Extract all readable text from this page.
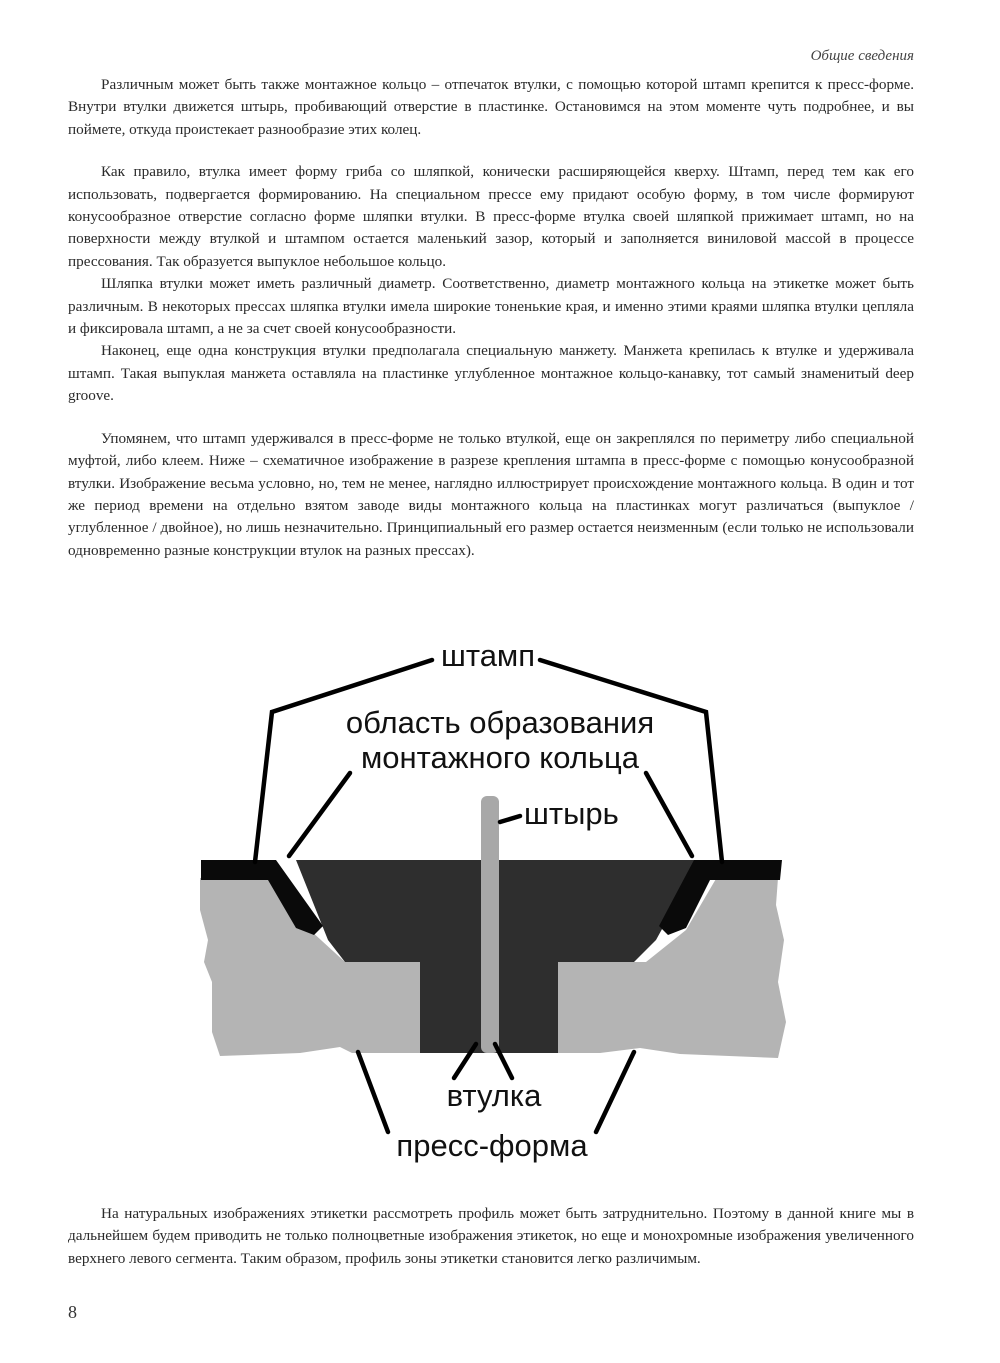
Общие сведения

Различным может быть также монтажное кольцо – отпечаток втулки, с помощью которой штамп крепится к пресс-форме. Внутри втулки движется штырь, пробивающий отверстие в пластинке. Остановимся на этом моменте чуть подробнее, и вы поймете, откуда проистекает разнообразие этих колец.

Как правило, втулка имеет форму гриба со шляпкой, конически расширяющейся кверху. Штамп, перед тем как его использовать, подвергается формированию. На специальном прессе ему придают особую форму, в том числе формируют конусообразное отверстие согласно форме шляпки втулки. В пресс-форме втулка своей шляпкой прижимает штамп, но на поверхности между втулкой и штампом остается маленький зазор, который и заполняется виниловой массой в процессе прессования. Так образуется выпуклое небольшое кольцо.

Шляпка втулки может иметь различный диаметр. Соответственно, диаметр монтажного кольца на этикетке может быть различным. В некоторых прессах шляпка втулки имела широкие тоненькие края, и именно этими краями шляпка втулки цепляла и фиксировала штамп, а не за счет своей конусообразности.

Наконец, еще одна конструкция втулки предполагала специальную манжету. Манжета крепилась к втулке и удерживала штамп. Такая выпуклая манжета оставляла на пластинке углубленное монтажное кольцо-канавку, тот самый знаменитый deep groove.

Упомянем, что штамп удерживался в пресс-форме не только втулкой, еще он закреплялся по периметру либо специальной муфтой, либо клеем. Ниже – схематичное изображение в разрезе крепления штампа в пресс-форме с помощью конусообразной втулки. Изображение весьма условно, но, тем не менее, наглядно иллюстрирует происхождение монтажного кольца. В один и тот же период времени на отдельно взятом заводе виды монтажного кольца на пластинках могут различаться (выпуклое / углубленное / двойное), но лишь незначительно. Принципиальный его размер остается неизменным (если только не использовали одновременно разные конструкции втулок на разных прессах).

штамп
область образования
монтажного кольца
штырь
втулка
пресс-форма

На натуральных изображениях этикетки рассмотреть профиль может быть затруднительно. Поэтому в данной книге мы в дальнейшем будем приводить не только полноцветные изображения этикеток, но еще и монохромные изображения увеличенного верхнего левого сегмента. Таким образом, профиль зоны этикетки становится легко различимым.

8
